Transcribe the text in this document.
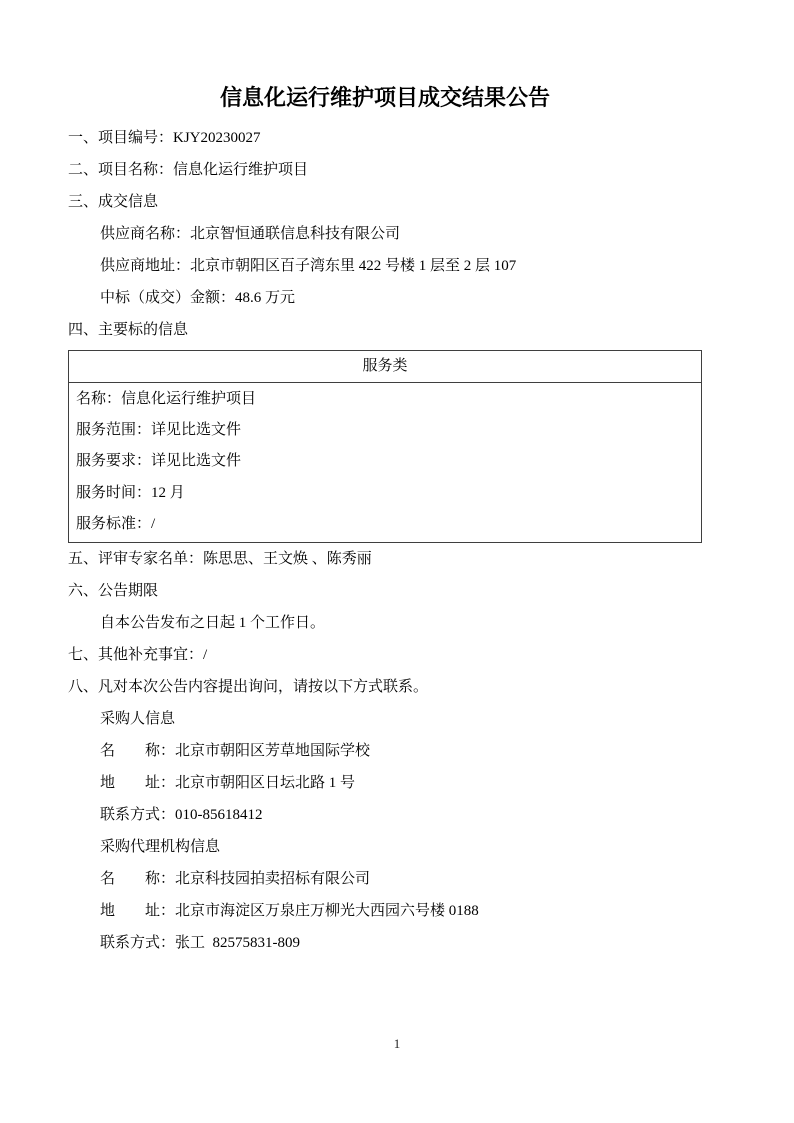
信息化运行维护项目成交结果公告

一、项目编号：KJY20230027

二、项目名称：信息化运行维护项目

三、成交信息

供应商名称：北京智恒通联信息科技有限公司

供应商地址：北京市朝阳区百子湾东里 422 号楼 1 层至 2 层 107

中标（成交）金额：48.6 万元

四、主要标的信息

服务类

名称：信息化运行维护项目

服务范围：详见比选文件

服务要求：详见比选文件

服务时间：12 月

服务标准：/

五、评审专家名单：陈思思、王文焕 、陈秀丽

六、公告期限

自本公告发布之日起 1 个工作日。

七、其他补充事宜：/

八、凡对本次公告内容提出询问，请按以下方式联系。

采购人信息

名　　称：北京市朝阳区芳草地国际学校

地　　址：北京市朝阳区日坛北路 1 号

联系方式：010-85618412

采购代理机构信息

名　　称：北京科技园拍卖招标有限公司

地　　址：北京市海淀区万泉庄万柳光大西园六号楼 0188

联系方式：张工  82575831-809

1
